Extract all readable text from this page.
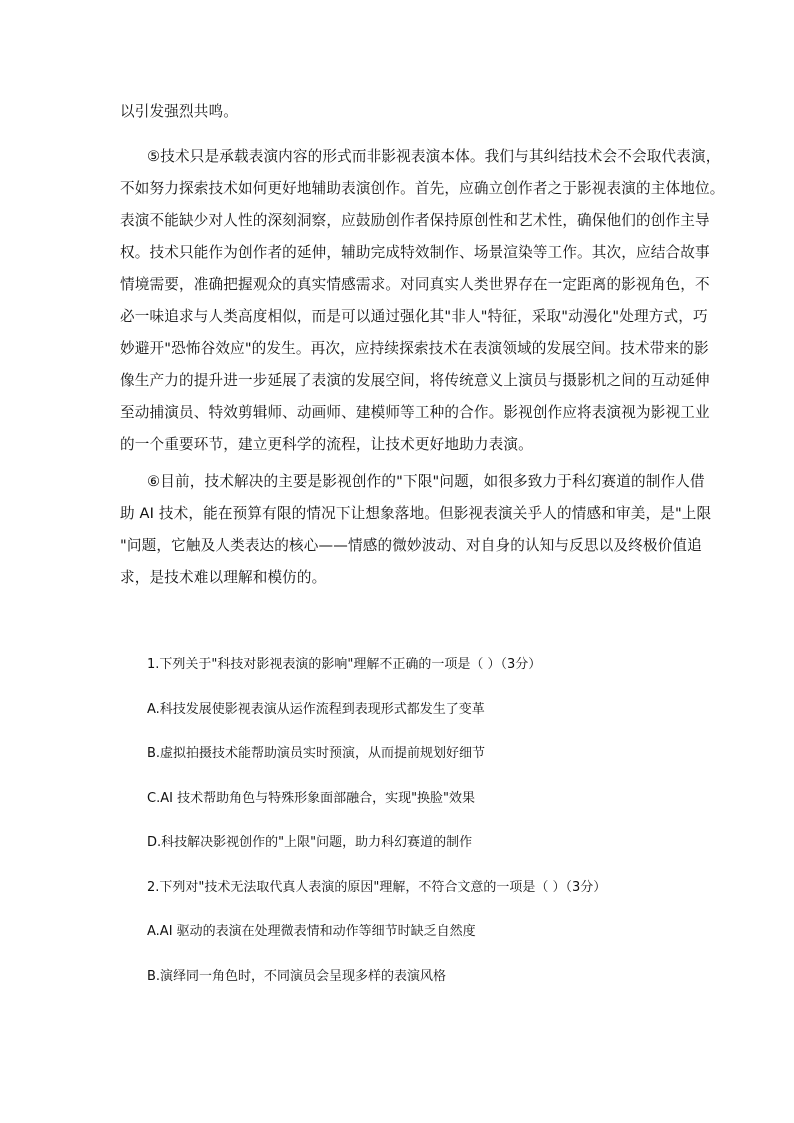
以引发强烈共鸣。
⑤技术只是承载表演内容的形式而非影视表演本体。我们与其纠结技术会不会取代表演，
不如努力探索技术如何更好地辅助表演创作。首先，应确立创作者之于影视表演的主体地位。
表演不能缺少对人性的深刻洞察，应鼓励创作者保持原创性和艺术性，确保他们的创作主导
权。技术只能作为创作者的延伸，辅助完成特效制作、场景渲染等工作。其次，应结合故事
情境需要，准确把握观众的真实情感需求。对同真实人类世界存在一定距离的影视角色，不
必一味追求与人类高度相似，而是可以通过强化其"非人"特征，采取"动漫化"处理方式，巧
妙避开"恐怖谷效应"的发生。再次，应持续探索技术在表演领域的发展空间。技术带来的影
像生产力的提升进一步延展了表演的发展空间，将传统意义上演员与摄影机之间的互动延伸
至动捕演员、特效剪辑师、动画师、建模师等工种的合作。影视创作应将表演视为影视工业
的一个重要环节，建立更科学的流程，让技术更好地助力表演。
⑥目前，技术解决的主要是影视创作的"下限"问题，如很多致力于科幻赛道的制作人借
助 AI 技术，能在预算有限的情况下让想象落地。但影视表演关乎人的情感和审美，是"上限
"问题，它触及人类表达的核心——情感的微妙波动、对自身的认知与反思以及终极价值追
求，是技术难以理解和模仿的。
1.下列关于"科技对影视表演的影响"理解不正确的一项是（ ）（3分）
A.科技发展使影视表演从运作流程到表现形式都发生了变革
B.虚拟拍摄技术能帮助演员实时预演，从而提前规划好细节
C.AI 技术帮助角色与特殊形象面部融合，实现"换脸"效果
D.科技解决影视创作的"上限"问题，助力科幻赛道的制作
2.下列对"技术无法取代真人表演的原因"理解，不符合文意的一项是（ ）（3分）
A.AI 驱动的表演在处理微表情和动作等细节时缺乏自然度
B.演绎同一角色时，不同演员会呈现多样的表演风格
